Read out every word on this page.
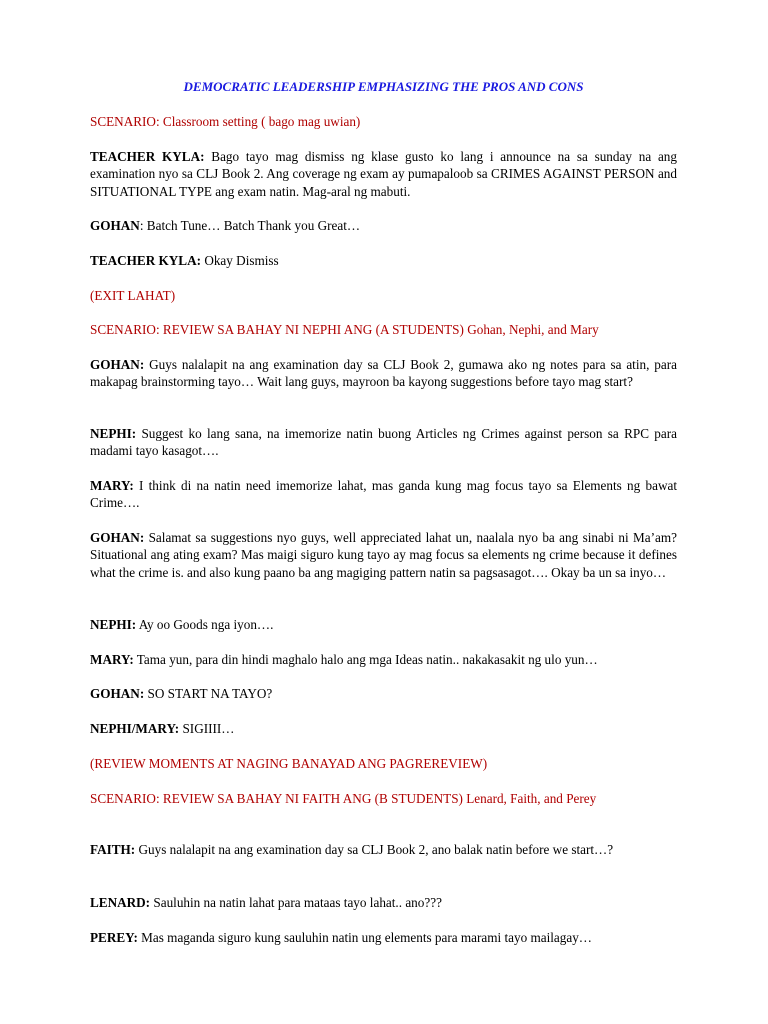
DEMOCRATIC LEADERSHIP EMPHASIZING THE PROS AND CONS

SCENARIO: Classroom setting ( bago mag uwian)

TEACHER KYLA: Bago tayo mag dismiss ng klase gusto ko lang i announce na sa sunday na ang examination nyo sa CLJ Book 2. Ang coverage ng exam ay pumapaloob sa CRIMES AGAINST PERSON and SITUATIONAL TYPE ang exam natin. Mag-aral ng mabuti.

GOHAN: Batch Tune… Batch Thank you Great…

TEACHER KYLA: Okay Dismiss

(EXIT LAHAT)

SCENARIO: REVIEW SA BAHAY NI NEPHI ANG (A STUDENTS) Gohan, Nephi, and Mary

GOHAN: Guys nalalapit na ang examination day sa CLJ Book 2, gumawa ako ng notes para sa atin, para makapag brainstorming tayo… Wait lang guys, mayroon ba kayong suggestions before tayo mag start?

NEPHI: Suggest ko lang sana, na imemorize natin buong Articles ng Crimes against person sa RPC para madami tayo kasagot….

MARY: I think di na natin need imemorize lahat, mas ganda kung mag focus tayo sa Elements ng bawat Crime….

GOHAN: Salamat sa suggestions nyo guys, well appreciated lahat un, naalala nyo ba ang sinabi ni Ma’am? Situational ang ating exam? Mas maigi siguro kung tayo ay mag focus sa elements ng crime because it defines what the crime is. and also kung paano ba ang magiging pattern natin sa pagsasagot…. Okay ba un sa inyo…

NEPHI: Ay oo Goods nga iyon….

MARY: Tama yun, para din hindi maghalo halo ang mga Ideas natin.. nakakasakit ng ulo yun…

GOHAN: SO START NA TAYO?

NEPHI/MARY: SIGIIII…

(REVIEW MOMENTS AT NAGING BANAYAD ANG PAGREREVIEW)

SCENARIO: REVIEW SA BAHAY NI FAITH ANG (B STUDENTS) Lenard, Faith, and Perey

FAITH: Guys nalalapit na ang examination day sa CLJ Book 2, ano balak natin before we start…?

LENARD: Sauluhin na natin lahat para mataas tayo lahat.. ano???

PEREY: Mas maganda siguro kung sauluhin natin ung elements para marami tayo mailagay…
